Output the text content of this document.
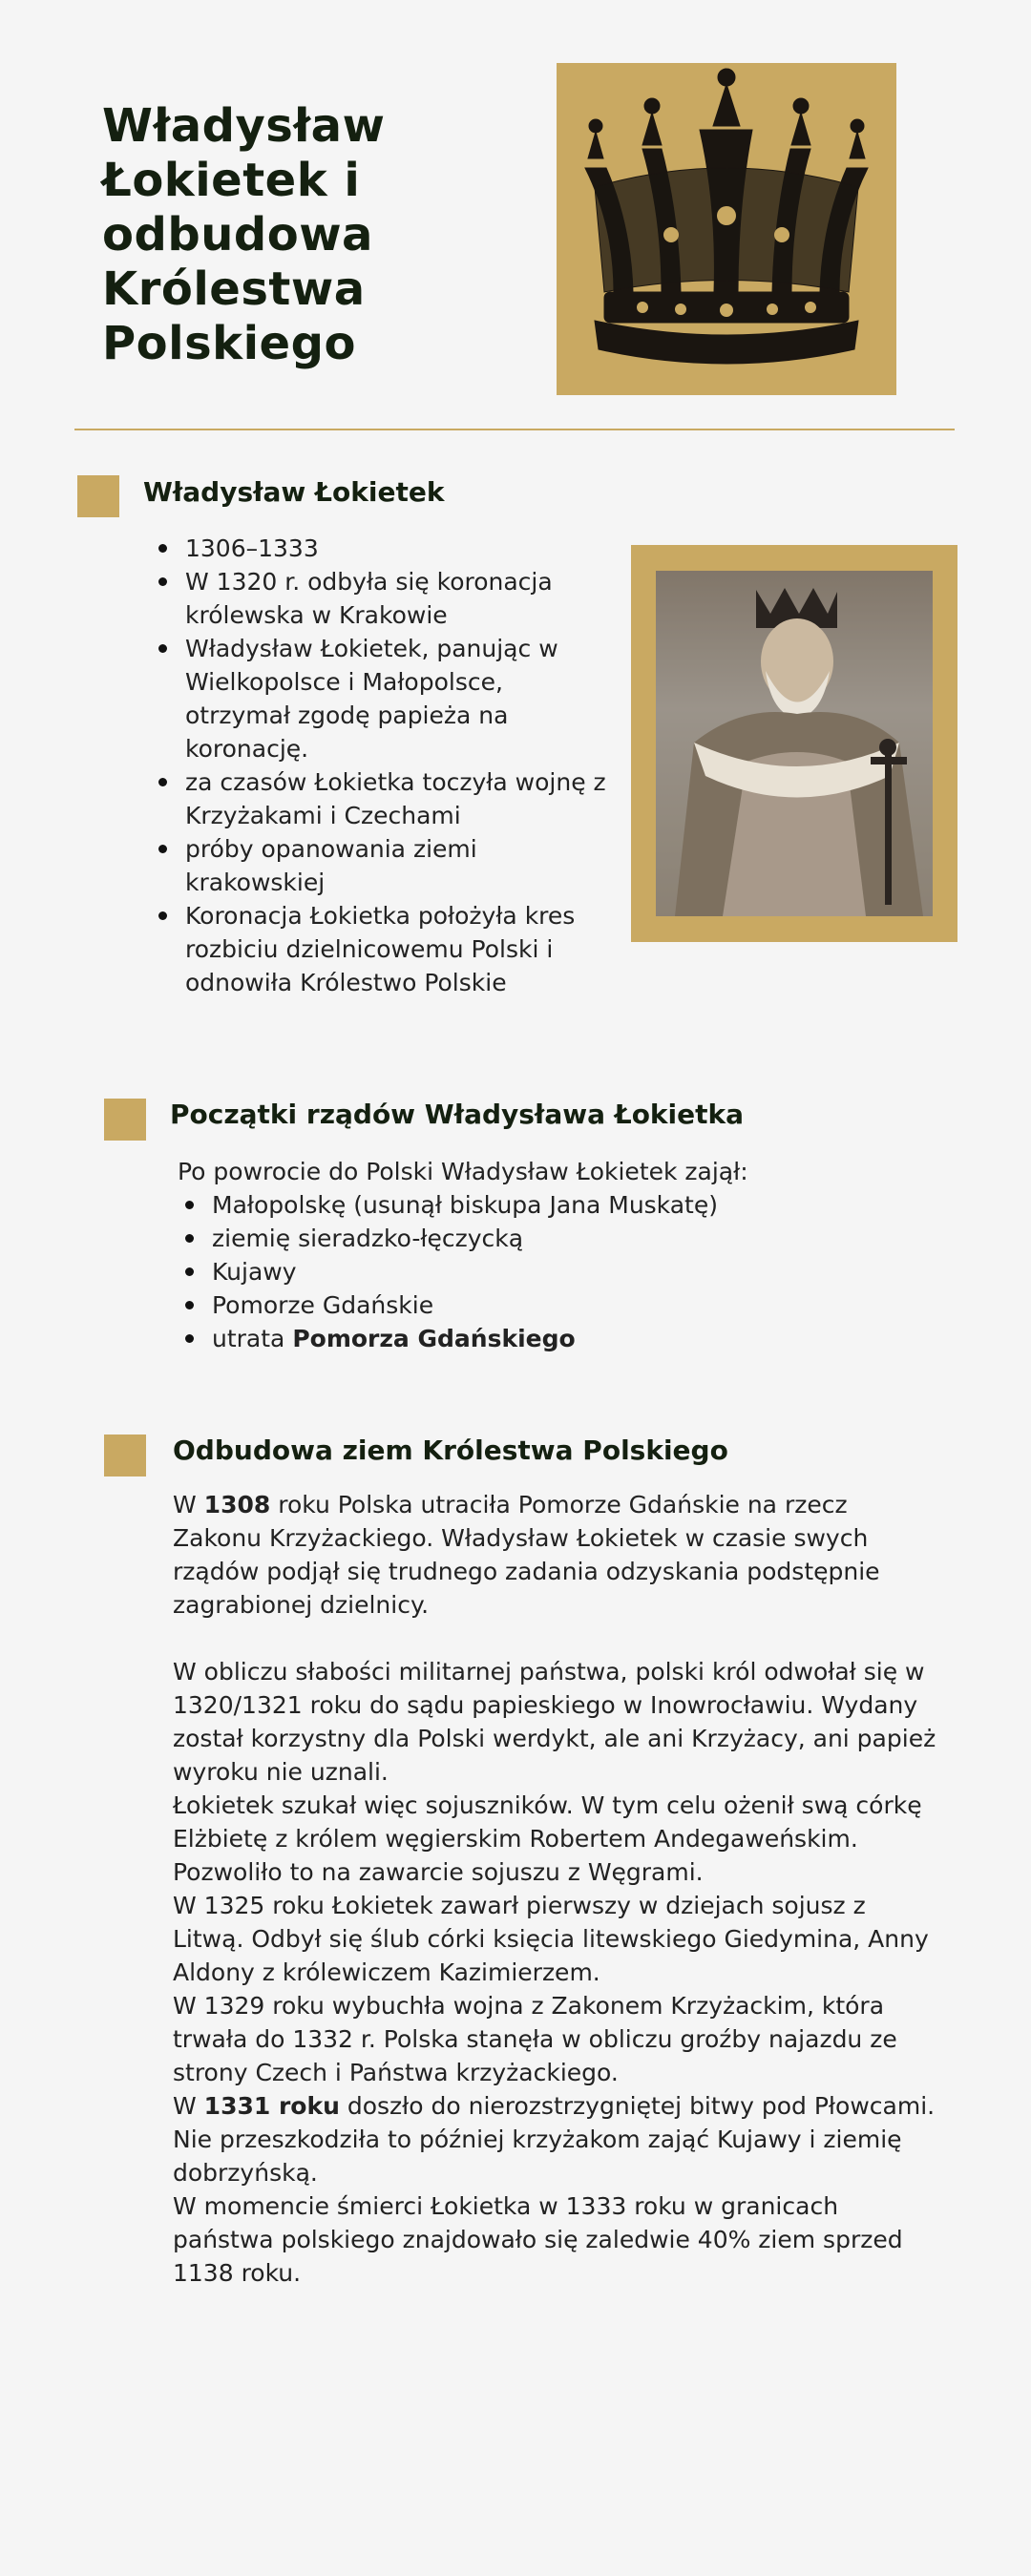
Władysław Łokietek i odbudowa Królestwa Polskiego
Władysław Łokietek
1306–1333
W 1320 r. odbyła się koronacja królewska w Krakowie
Władysław Łokietek, panując w Wielkopolsce i Małopolsce, otrzymał zgodę papieża na koronację.
za czasów Łokietka toczyła wojnę z Krzyżakami i Czechami
próby opanowania ziemi krakowskiej
Koronacja Łokietka położyła kres rozbiciu dzielnicowemu Polski i odnowiła Królestwo Polskie
Początki rządów Władysława Łokietka

Po powrocie do Polski Władysław Łokietek zajął:

Małopolskę (usunął biskupa Jana Muskatę)
ziemię sieradzko-łęczycką
Kujawy
Pomorze Gdańskie
utrata Pomorza Gdańskiego
Odbudowa ziem Królestwa Polskiego

W 1308 roku Polska utraciła Pomorze Gdańskie na rzecz Zakonu Krzyżackiego. Władysław Łokietek w czasie swych rządów podjął się trudnego zadania odzyskania podstępnie zagrabionej dzielnicy.

W obliczu słabości militarnej państwa, polski król odwołał się w 1320/1321 roku do sądu papieskiego w Inowrocławiu. Wydany został korzystny dla Polski werdykt, ale ani Krzyżacy, ani papież wyroku nie uznali.

Łokietek szukał więc sojuszników. W tym celu ożenił swą córkę Elżbietę z królem węgierskim Robertem Andegaweńskim. Pozwoliło to na zawarcie sojuszu z Węgrami.

W 1325 roku Łokietek zawarł pierwszy w dziejach sojusz z Litwą. Odbył się ślub córki księcia litewskiego Giedymina, Anny Aldony z królewiczem Kazimierzem.

W 1329 roku wybuchła wojna z Zakonem Krzyżackim, która trwała do 1332 r. Polska stanęła w obliczu groźby najazdu ze strony Czech i Państwa krzyżackiego.

W 1331 roku doszło do nierozstrzygniętej bitwy pod Płowcami. Nie przeszkodziła to później krzyżakom zająć Kujawy i ziemię dobrzyńską.

W momencie śmierci Łokietka w 1333 roku w granicach państwa polskiego znajdowało się zaledwie 40% ziem sprzed 1138 roku.
